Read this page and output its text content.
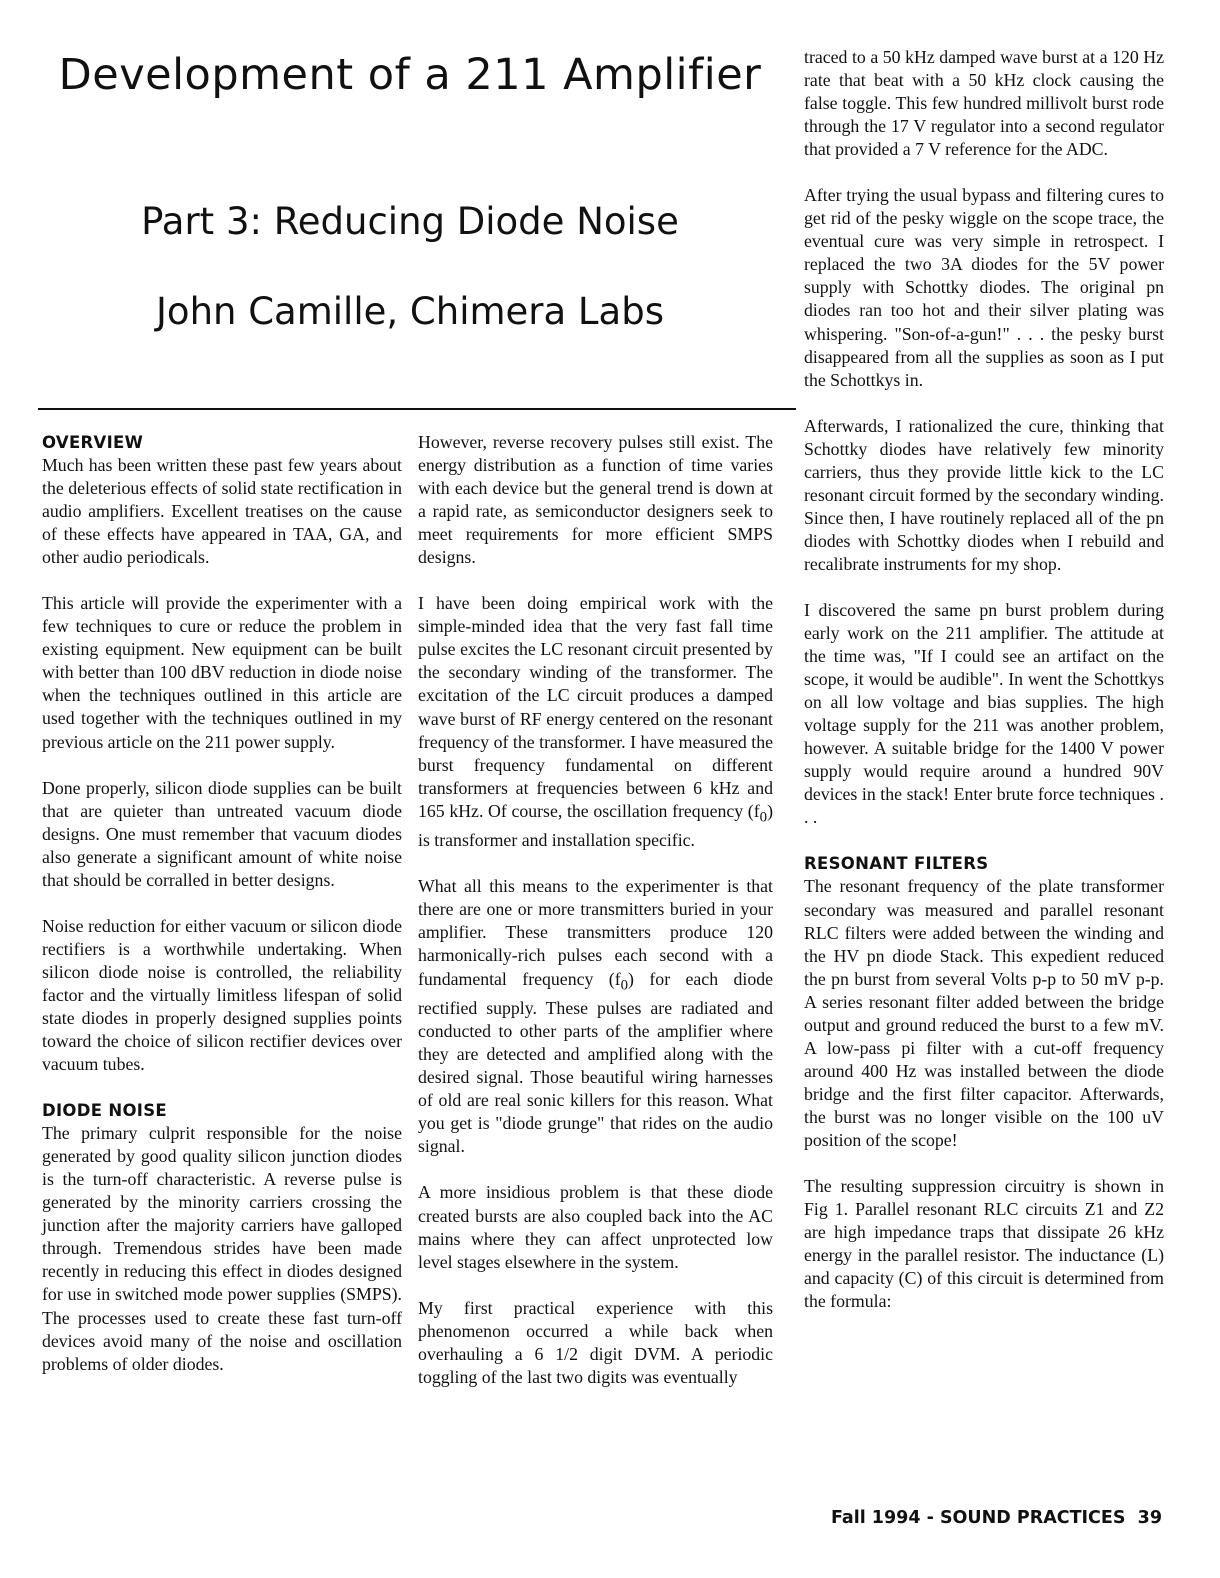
Development of a 211 Amplifier
Part 3: Reducing Diode Noise
John Camille, Chimera Labs
OVERVIEW

Much has been written these past few years about the deleterious effects of solid state rectification in audio amplifiers. Excellent treatises on the cause of these effects have appeared in TAA, GA, and other audio periodicals.

This article will provide the experimenter with a few techniques to cure or reduce the problem in existing equipment. New equipment can be built with better than 100 dBV reduction in diode noise when the techniques outlined in this article are used together with the techniques outlined in my previous article on the 211 power supply.

Done properly, silicon diode supplies can be built that are quieter than untreated vacuum diode designs. One must remember that vacuum diodes also generate a significant amount of white noise that should be corralled in better designs.

Noise reduction for either vacuum or silicon diode rectifiers is a worthwhile undertaking. When silicon diode noise is controlled, the reliability factor and the virtually limitless lifespan of solid state diodes in properly designed supplies points toward the choice of silicon rectifier devices over vacuum tubes.

DIODE NOISE

The primary culprit responsible for the noise generated by good quality silicon junction diodes is the turn-off characteristic. A reverse pulse is generated by the minority carriers crossing the junction after the majority carriers have galloped through. Tremendous strides have been made recently in reducing this effect in diodes designed for use in switched mode power supplies (SMPS). The processes used to create these fast turn-off devices avoid many of the noise and oscillation problems of older diodes.

However, reverse recovery pulses still exist. The energy distribution as a function of time varies with each device but the general trend is down at a rapid rate, as semiconductor designers seek to meet requirements for more efficient SMPS designs.

I have been doing empirical work with the simple-minded idea that the very fast fall time pulse excites the LC resonant circuit presented by the secondary winding of the transformer. The excitation of the LC circuit produces a damped wave burst of RF energy centered on the resonant frequency of the transformer. I have measured the burst frequency fundamental on different transformers at frequencies between 6 kHz and 165 kHz. Of course, the oscillation frequency $(f_0)$ is transformer and installation specific.

What all this means to the experimenter is that there are one or more transmitters buried in your amplifier. These transmitters produce 120 harmonically-rich pulses each second with a fundamental frequency $(f_0)$ for each diode rectified supply. These pulses are radiated and conducted to other parts of the amplifier where they are detected and amplified along with the desired signal. Those beautiful wiring harnesses of old are real sonic killers for this reason. What you get is "diode grunge" that rides on the audio signal.

A more insidious problem is that these diode created bursts are also coupled back into the AC mains where they can affect unprotected low level stages elsewhere in the system.

My first practical experience with this phenomenon occurred a while back when overhauling a 6 1/2 digit DVM. A periodic toggling of the last two digits was eventually

traced to a 50 kHz damped wave burst at a 120 Hz rate that beat with a 50 kHz clock causing the false toggle. This few hundred millivolt burst rode through the 17 V regulator into a second regulator that provided a 7 V reference for the ADC.

After trying the usual bypass and filtering cures to get rid of the pesky wiggle on the scope trace, the eventual cure was very simple in retrospect. I replaced the two 3A diodes for the 5V power supply with Schottky diodes. The original pn diodes ran too hot and their silver plating was whispering. "Son-of-a-gun!" . . . the pesky burst disappeared from all the supplies as soon as I put the Schottkys in.

Afterwards, I rationalized the cure, thinking that Schottky diodes have relatively few minority carriers, thus they provide little kick to the LC resonant circuit formed by the secondary winding. Since then, I have routinely replaced all of the pn diodes with Schottky diodes when I rebuild and recalibrate instruments for my shop.

I discovered the same pn burst problem during early work on the 211 amplifier. The attitude at the time was, "If I could see an artifact on the scope, it would be audible". In went the Schottkys on all low voltage and bias supplies. The high voltage supply for the 211 was another problem, however. A suitable bridge for the 1400 V power supply would require around a hundred 90V devices in the stack! Enter brute force techniques . . .

RESONANT FILTERS

The resonant frequency of the plate transformer secondary was measured and parallel resonant RLC filters were added between the winding and the HV pn diode Stack. This expedient reduced the pn burst from several Volts p-p to 50 mV p-p. A series resonant filter added between the bridge output and ground reduced the burst to a few mV. A low-pass pi filter with a cut-off frequency around 400 Hz was installed between the diode bridge and the first filter capacitor. Afterwards, the burst was no longer visible on the 100 uV position of the scope!

The resulting suppression circuitry is shown in Fig 1. Parallel resonant RLC circuits Z1 and Z2 are high impedance traps that dissipate 26 kHz energy in the parallel resistor. The inductance (L) and capacity (C) of this circuit is determined from the formula:

Fall 1994 - SOUND PRACTICES 39
